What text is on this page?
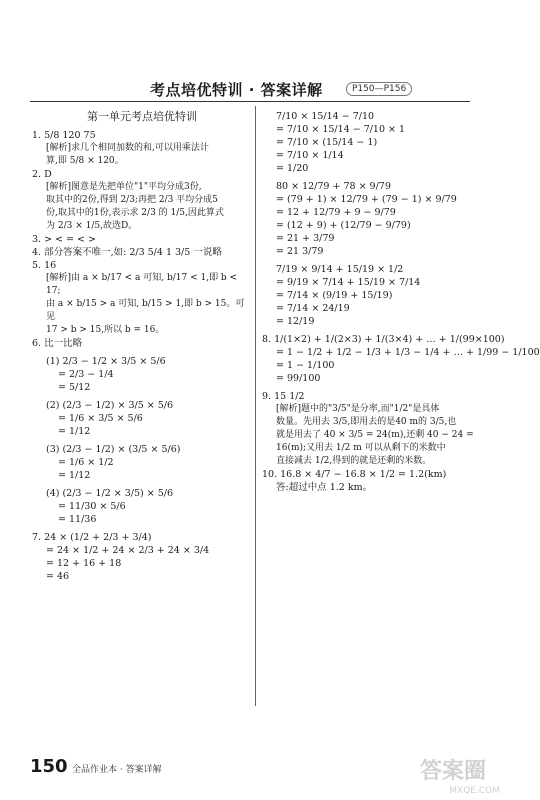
考点培优特训 · 答案详解	P150—P156
第一单元考点培优特训
1. 5/8 120 75
[解析]求几个相同加数的和,可以用乘法计
算,即 5/8 × 120。
2. D
[解析]图意是先把单位"1"平均分成3份,
取其中的2份,得到 2/3;再把 2/3 平均分成5
份,取其中的1份,表示求 2/3 的 1/5,因此算式
为 2/3 × 1/5,故选D。
3. > < = < >
4. 部分答案不唯一,如: 2/3 5/4 1 3/5 一说略
5. 16
[解析]由 a × b/17 < a 可知, b/17 < 1,即 b < 17;
由 a × b/15 > a 可知, b/15 > 1,即 b > 15。可见
17 > b > 15,所以 b = 16。
6. 比一比略
(1) 2/3 − 1/2 × 3/5 × 5/6
= 2/3 − 1/4
= 5/12
(2) (2/3 − 1/2) × 3/5 × 5/6
= 1/6 × 3/5 × 5/6
= 1/12
(3) (2/3 − 1/2) × (3/5 × 5/6)
= 1/6 × 1/2
= 1/12
(4) (2/3 − 1/2 × 3/5) × 5/6
= 11/30 × 5/6
= 11/36
7. 24 × (1/2 + 2/3 + 3/4)
= 24 × 1/2 + 24 × 2/3 + 24 × 3/4
= 12 + 16 + 18
= 46
7/10 × 15/14 − 7/10
= 7/10 × 15/14 − 7/10 × 1
= 7/10 × (15/14 − 1)
= 7/10 × 1/14
= 1/20
80 × 12/79 + 78 × 9/79
= (79 + 1) × 12/79 + (79 − 1) × 9/79
= 12 + 12/79 + 9 − 9/79
= (12 + 9) + (12/79 − 9/79)
= 21 + 3/79
= 21 3/79
7/19 × 9/14 + 15/19 × 1/2
= 9/19 × 7/14 + 15/19 × 7/14
= 7/14 × (9/19 + 15/19)
= 7/14 × 24/19
= 12/19
8. 1/(1×2) + 1/(2×3) + 1/(3×4) + … + 1/(99×100)
= 1 − 1/2 + 1/2 − 1/3 + 1/3 − 1/4 + … + 1/99 − 1/100
= 1 − 1/100
= 99/100
9. 15 1/2
[解析]题中的"3/5"是分率,而"1/2"是具体
数量。先用去 3/5,即用去的是40 m的 3/5,也
就是用去了 40 × 3/5 = 24(m),还剩 40 − 24 =
16(m);又用去 1/2 m 可以从剩下的米数中
直接减去 1/2,得到的就是还剩的米数。
10. 16.8 × 4/7 − 16.8 × 1/2 = 1.2(km)
答:超过中点 1.2 km。
150 全品作业本 · 答案详解	答案圈
MXQE.COM
